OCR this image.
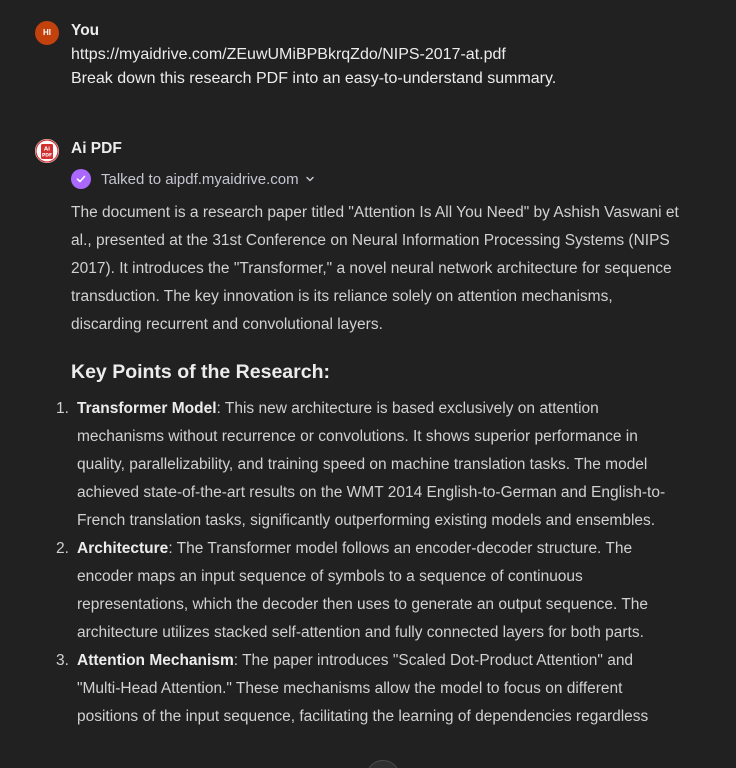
HI	You
https://myaidrive.com/ZEuwUMiBPBkrqZdo/NIPS-2017-at.pdf
Break down this research PDF into an easy-to-understand summary.
Ai
PDF Ai PDF
Talked to aipdf.myaidrive.com
The document is a research paper titled "Attention Is All You Need" by Ashish Vaswani et al., presented at the 31st Conference on Neural Information Processing Systems (NIPS 2017). It introduces the "Transformer," a novel neural network architecture for sequence transduction. The key innovation is its reliance solely on attention mechanisms, discarding recurrent and convolutional layers.
Key Points of the Research:
1. Transformer Model: This new architecture is based exclusively on attention mechanisms without recurrence or convolutions. It shows superior performance in quality, parallelizability, and training speed on machine translation tasks. The model achieved state-of-the-art results on the WMT 2014 English-to-German and English-to-French translation tasks, significantly outperforming existing models and ensembles.
2. Architecture: The Transformer model follows an encoder-decoder structure. The encoder maps an input sequence of symbols to a sequence of continuous representations, which the decoder then uses to generate an output sequence. The architecture utilizes stacked self-attention and fully connected layers for both parts.
3. Attention Mechanism: The paper introduces "Scaled Dot-Product Attention" and "Multi-Head Attention." These mechanisms allow the model to focus on different positions of the input sequence, facilitating the learning of dependencies regardless
